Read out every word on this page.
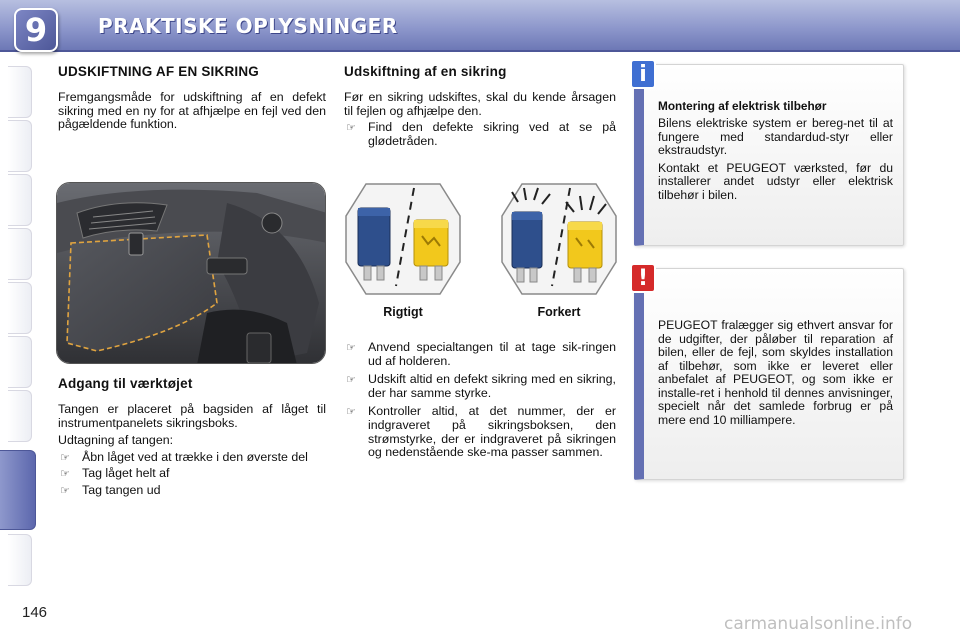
9	PRAKTISKE OPLYSNINGER
UDSKIFTNING AF EN SIKRING
Fremgangsmåde for udskiftning af en defekt sikring med en ny for at afhjælpe en fejl ved den pågældende funktion.
Adgang til værktøjet
Tangen er placeret på bagsiden af låget til instrumentpanelets sikringsboks.
Udtagning af tangen:
☞ Åbn låget ved at trække i den øverste del
☞ Tag låget helt af
☞ Tag tangen ud
Udskiftning af en sikring
Før en sikring udskiftes, skal du kende årsagen til fejlen og afhjælpe den.
☞ Find den defekte sikring ved at se på glødetråden.
Rigtigt	Forkert
☞ Anvend specialtangen til at tage sik-ringen ud af holderen.
☞ Udskift altid en defekt sikring med en sikring, der har samme styrke.
☞ Kontroller altid, at det nummer, der er indgraveret på sikringsboksen, den strømstyrke, der er indgraveret på sikringen og nedenstående ske-ma passer sammen.
i
Montering af elektrisk tilbehør
Bilens elektriske system er bereg-net til at fungere med standardud-styr eller ekstraudstyr.
Kontakt et PEUGEOT værksted, før du installerer andet udstyr eller elektrisk tilbehør i bilen.
!
PEUGEOT fralægger sig ethvert ansvar for de udgifter, der påløber til reparation af bilen, eller de fejl, som skyldes installation af tilbehør, som ikke er leveret eller anbefalet af PEUGEOT, og som ikke er installe-ret i henhold til dennes anvisninger, specielt når det samlede forbrug er på mere end 10 milliampere.
146
carmanualsonline.info
